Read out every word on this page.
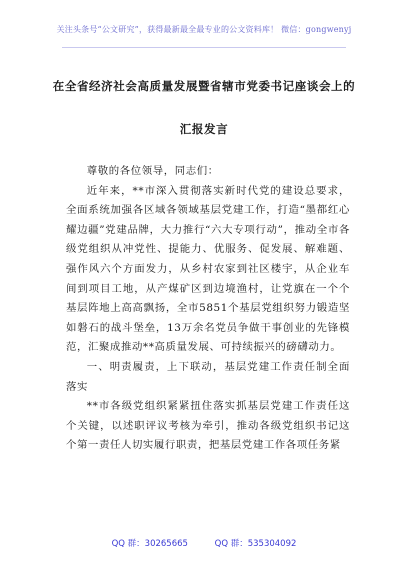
关注头条号“公文研究”，获得最新最全最专业的公文资料库！ 微信：gongwenyj
在全省经济社会高质量发展暨省辖市党委书记座谈会上的
汇报发言

尊敬的各位领导，同志们：

近年来，**市深入贯彻落实新时代党的建设总要求，全面系统加强各区域各领域基层党建工作，打造“墨都红心耀边疆”党建品牌，大力推行“六大专项行动”，推动全市各级党组织从冲党性、提能力、优服务、促发展、解难题、强作风六个方面发力，从乡村农家到社区楼宇，从企业车间到项目工地，从产煤矿区到边境渔村，让党旗在一个个基层阵地上高高飘扬，全市5851个基层党组织努力锻造坚如磐石的战斗堡垒，13万余名党员争做干事创业的先锋模范，汇聚成推动**高质量发展、可持续振兴的磅礴动力。

一、明责履责，上下联动，基层党建工作责任制全面落实

**市各级党组织紧紧扭住落实抓基层党建工作责任这个关键，以述职评议考核为牵引，推动各级党组织书记这个第一责任人切实履行职责，把基层党建工作各项任务紧

QQ 群：30265665	QQ 群：535304092
